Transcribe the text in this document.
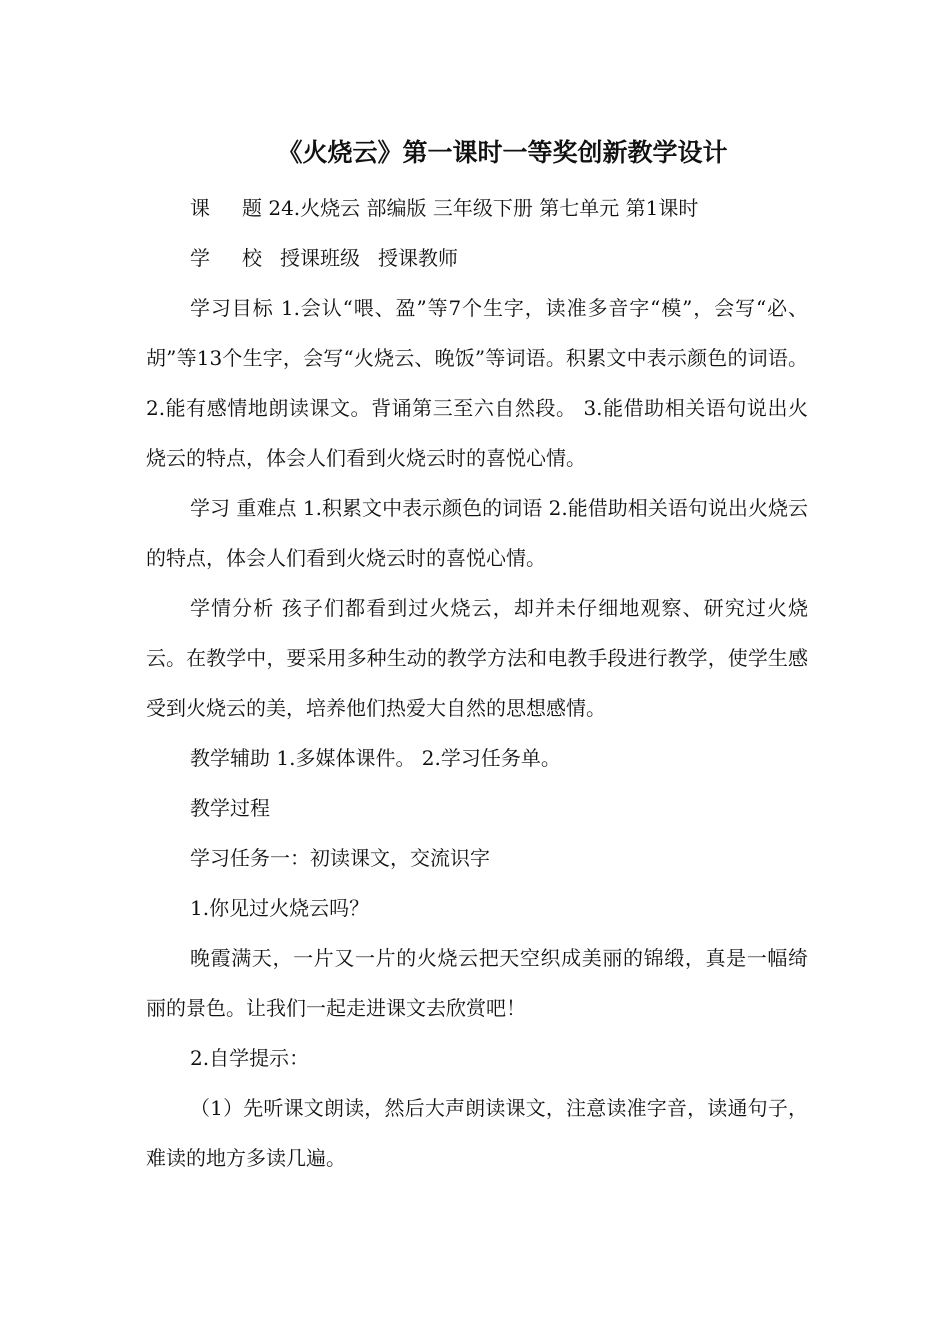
《火烧云》第一课时一等奖创新教学设计

课 题 24.火烧云 部编版 三年级下册 第七单元 第1课时

学 校 授课班级 授课教师

学习目标 1.会认“喂、盈”等7个生字，读准多音字“模”，会写“必、胡”等13个生字，会写“火烧云、晚饭”等词语。积累文中表示颜色的词语。 2.能有感情地朗读课文。背诵第三至六自然段。 3.能借助相关语句说出火烧云的特点，体会人们看到火烧云时的喜悦心情。

学习 重难点 1.积累文中表示颜色的词语 2.能借助相关语句说出火烧云的特点，体会人们看到火烧云时的喜悦心情。

学情分析 孩子们都看到过火烧云，却并未仔细地观察、研究过火烧云。在教学中，要采用多种生动的教学方法和电教手段进行教学，使学生感受到火烧云的美，培养他们热爱大自然的思想感情。

教学辅助 1.多媒体课件。 2.学习任务单。

教学过程

学习任务一：初读课文，交流识字

1.你见过火烧云吗？

晚霞满天，一片又一片的火烧云把天空织成美丽的锦缎，真是一幅绮丽的景色。让我们一起走进课文去欣赏吧！

2.自学提示：

（1）先听课文朗读，然后大声朗读课文，注意读准字音，读通句子，难读的地方多读几遍。
